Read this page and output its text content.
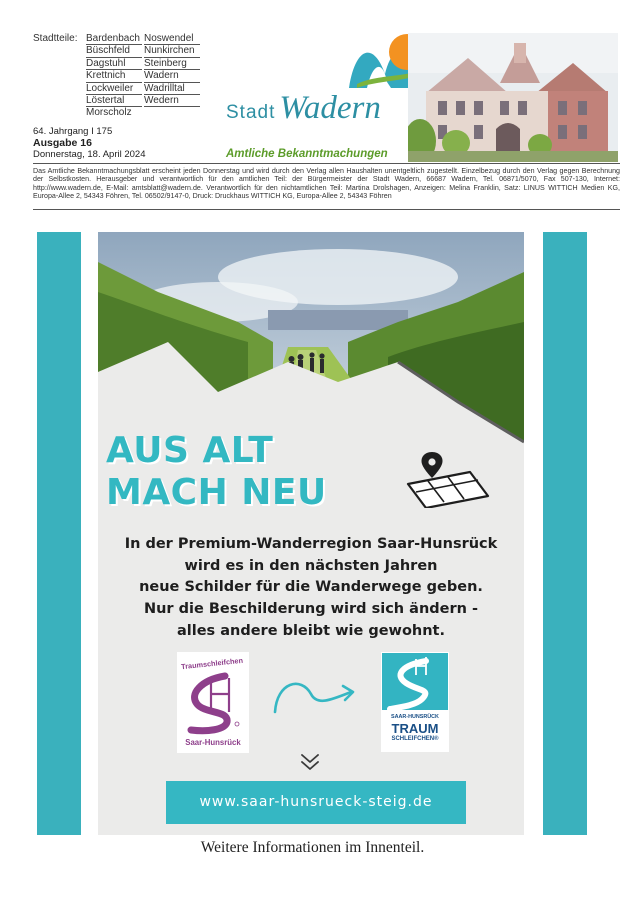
Stadtteile: Bardenbach
Büschfeld
Dagstuhl
Krettnich
Lockweiler
Löstertal
Morscholz
Noswendel
Nunkirchen
Steinberg
Wadern
Wadrilltal
Wedern
64. Jahrgang I 175
Ausgabe 16
Donnerstag, 18. April 2024
Stadt Wadern
Amtliche Bekanntmachungen
Das Amtliche Bekanntmachungsblatt erscheint jeden Donnerstag und wird durch den Verlag allen Haushalten unentgeltlich zugestellt. Einzelbezug durch den Verlag gegen Berechnung der Selbstkosten. Herausgeber und verantwortlich für den amtlichen Teil: der Bürgermeister der Stadt Wadern, 66687 Wadern, Tel. 06871/5070, Fax 507-130, Internet: http://www.wadern.de, E-Mail: amtsblatt@wadern.de. Verantwortlich für den nichtamtlichen Teil: Martina Drolshagen, Anzeigen: Melina Franklin, Satz: LINUS WITTICH Medien KG, Europa-Allee 2, 54343 Föhren, Tel. 06502/9147-0, Druck: Druckhaus WITTICH KG, Europa-Allee 2, 54343 Föhren
AUS ALT
MACH NEU
In der Premium-Wanderregion Saar-Hunsrück
wird es in den nächsten Jahren
neue Schilder für die Wanderwege geben.
Nur die Beschilderung wird sich ändern -
alles andere bleibt wie gewohnt.
Traumschleifchen
Saar-Hunsrück
SAAR-HUNSRÜCK
TRAUM
SCHLEIFCHEN®
www.saar-hunsrueck-steig.de
Weitere Informationen im Innenteil.
